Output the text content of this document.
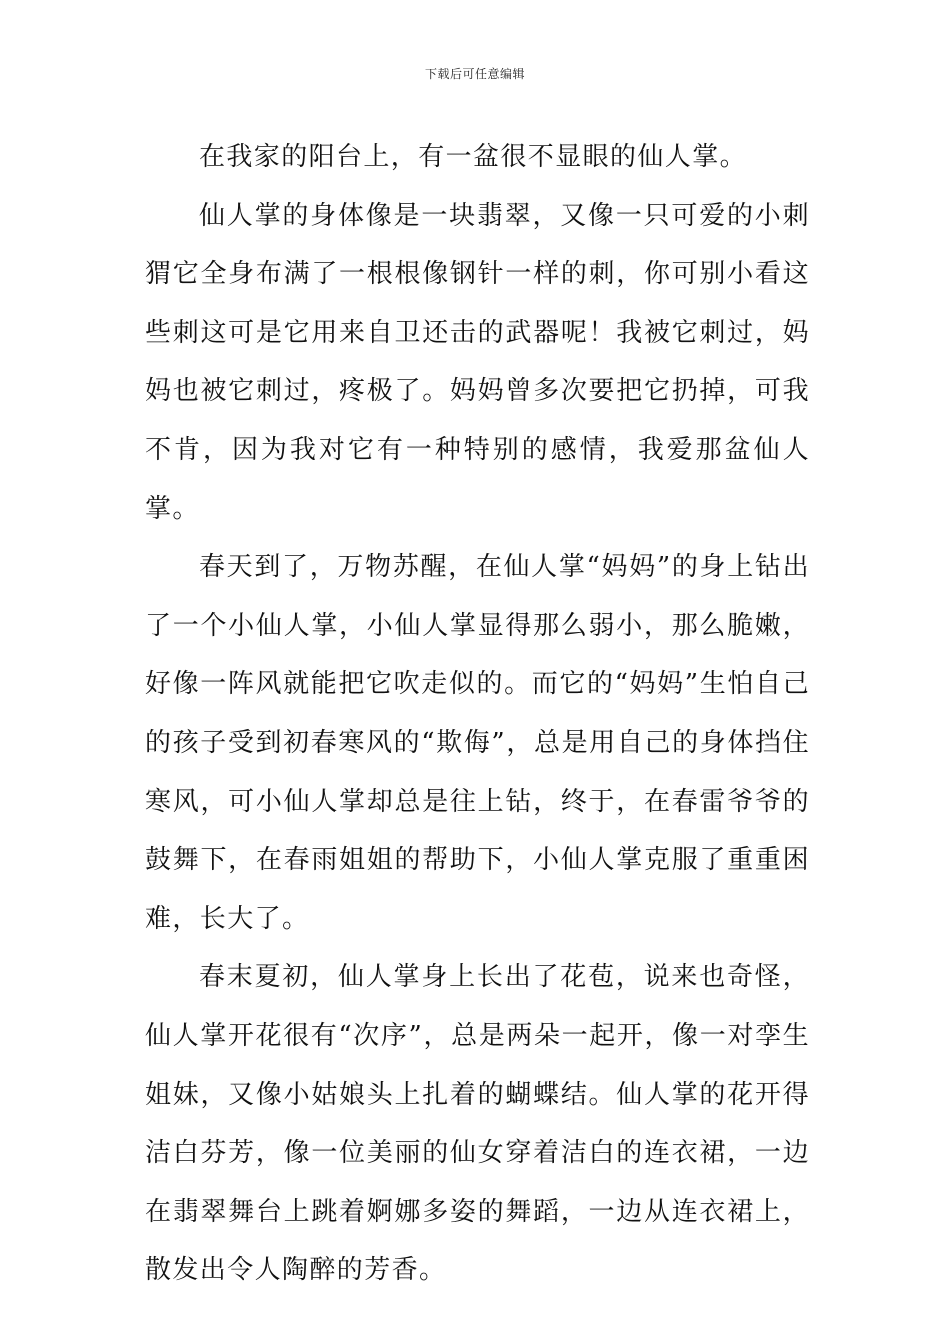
下载后可任意编辑

在我家的阳台上，有一盆很不显眼的仙人掌。

仙人掌的身体像是一块翡翠，又像一只可爱的小刺猬它全身布满了一根根像钢针一样的刺，你可别小看这些刺这可是它用来自卫还击的武器呢！我被它刺过，妈妈也被它刺过，疼极了。妈妈曾多次要把它扔掉，可我不肯，因为我对它有一种特别的感情，我爱那盆仙人掌。

春天到了，万物苏醒，在仙人掌“妈妈”的身上钻出了一个小仙人掌，小仙人掌显得那么弱小，那么脆嫩，好像一阵风就能把它吹走似的。而它的“妈妈”生怕自己的孩子受到初春寒风的“欺侮”，总是用自己的身体挡住寒风，可小仙人掌却总是往上钻，终于，在春雷爷爷的鼓舞下，在春雨姐姐的帮助下，小仙人掌克服了重重困难，长大了。

春末夏初，仙人掌身上长出了花苞，说来也奇怪，仙人掌开花很有“次序”，总是两朵一起开，像一对孪生姐妹，又像小姑娘头上扎着的蝴蝶结。仙人掌的花开得洁白芬芳，像一位美丽的仙女穿着洁白的连衣裙，一边在翡翠舞台上跳着婀娜多姿的舞蹈，一边从连衣裙上，散发出令人陶醉的芳香。
